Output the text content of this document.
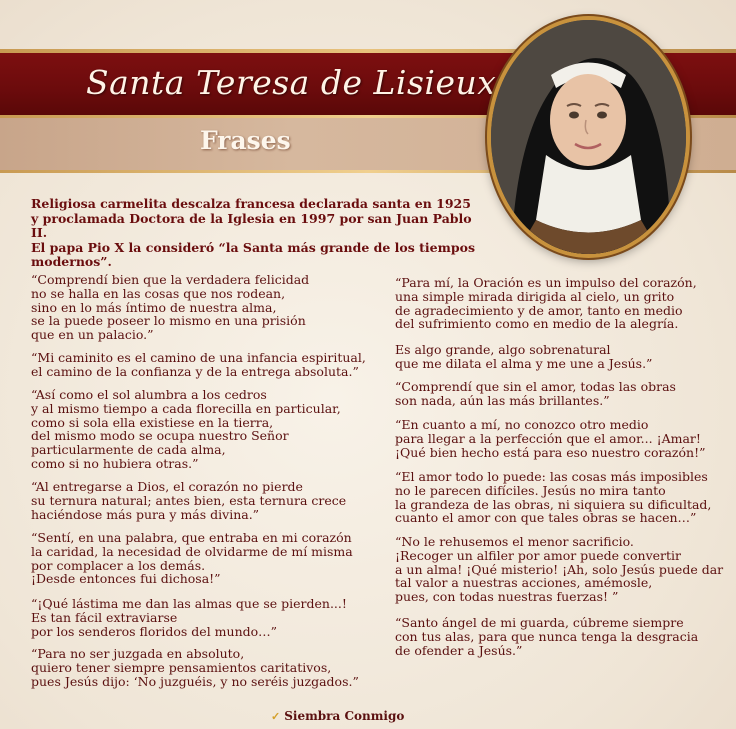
Santa Teresa de Lisieux
Frases
Religiosa carmelita descalza francesa declarada santa en 1925
y proclamada Doctora de la Iglesia en 1997 por san Juan Pablo II.
El papa Pio X la consideró “la Santa más grande de los tiempos modernos”.
“Comprendí bien que la verdadera felicidad
no se halla en las cosas que nos rodean,
sino en lo más íntimo de nuestra alma,
se la puede poseer lo mismo en una prisión
que en un palacio.”
“Mi caminito es el camino de una infancia espiritual,
el camino de la confianza y de la entrega absoluta.”
“Así como el sol alumbra a los cedros
y al mismo tiempo a cada florecilla en particular,
como si sola ella existiese en la tierra,
del mismo modo se ocupa nuestro Señor
particularmente de cada alma,
como si no hubiera otras.”
“Al entregarse a Dios, el corazón no pierde
su ternura natural; antes bien, esta ternura crece
haciéndose más pura y más divina.”
“Sentí, en una palabra, que entraba en mi corazón
la caridad, la necesidad de olvidarme de mí misma
por complacer a los demás.
¡Desde entonces fui dichosa!”
“¡Qué lástima me dan las almas que se pierden...!
Es tan fácil extraviarse
por los senderos floridos del mundo…”
“Para no ser juzgada en absoluto,
quiero tener siempre pensamientos caritativos,
pues Jesús dijo: ‘No juzguéis, y no seréis juzgados.”
“Para mí, la Oración es un impulso del corazón,
una simple mirada dirigida al cielo, un grito
de agradecimiento y de amor, tanto en medio
del sufrimiento como en medio de la alegría.
Es algo grande, algo sobrenatural
que me dilata el alma y me une a Jesús.”
“Comprendí que sin el amor, todas las obras
son nada, aún las más brillantes.”
“En cuanto a mí, no conozco otro medio
para llegar a la perfección que el amor... ¡Amar!
¡Qué bien hecho está para eso nuestro corazón!”
“El amor todo lo puede: las cosas más imposibles
no le parecen difíciles. Jesús no mira tanto
la grandeza de las obras, ni siquiera su dificultad,
cuanto el amor con que tales obras se hacen…”
“No le rehusemos el menor sacrificio.
¡Recoger un alfiler por amor puede convertir
a un alma! ¡Qué misterio! ¡Ah, solo Jesús puede dar
tal valor a nuestras acciones, amémosle,
pues, con todas nuestras fuerzas! ”
“Santo ángel de mi guarda, cúbreme siempre
con tus alas, para que nunca tenga la desgracia
de ofender a Jesús.”
✓ Siembra Conmigo
